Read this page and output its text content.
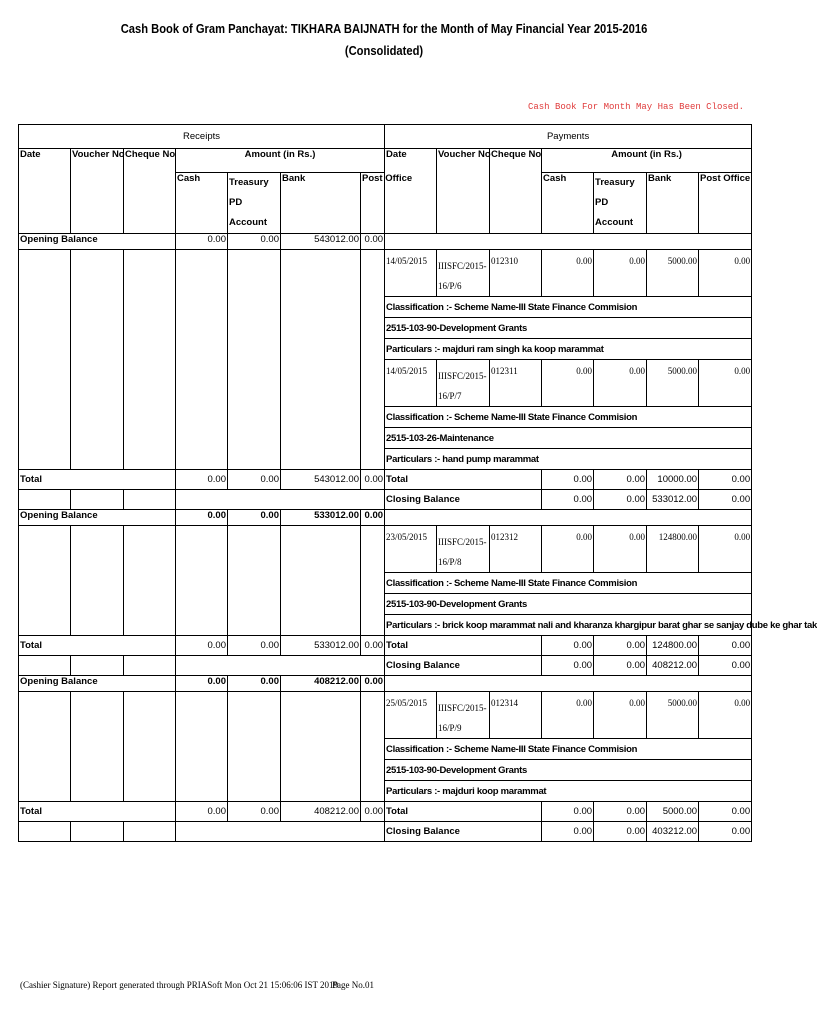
Cash Book of Gram Panchayat: TIKHARA BAIJNATH for the Month of May Financial Year 2015-2016
(Consolidated)
Cash Book For Month May Has Been Closed.
Receipts							Payments						
Date	Voucher No	Cheque No	Amount (in Rs.)				Date	Voucher No	Cheque No	Amount (in Rs.)			
			Cash	Treasury PD Account	Bank	Post Office				Cash	Treasury PD Account	Bank	Post Office
Opening Balance			0.00	0.00	543012.00	0.00							
							14/05/2015	IIISFC/2015-16/P/6	012310	0.00	0.00	5000.00	0.00
							Classification :- Scheme Name-III State Finance Commision						
							2515-103-90-Development Grants						
							Particulars :- majduri ram singh ka koop marammat						
							14/05/2015	IIISFC/2015-16/P/7	012311	0.00	0.00	5000.00	0.00
							Classification :- Scheme Name-III State Finance Commision						
							2515-103-26-Maintenance						
							Particulars :- hand pump marammat						
Total			0.00	0.00	543012.00	0.00	Total			0.00	0.00	10000.00	0.00
							Closing Balance			0.00	0.00	533012.00	0.00
Opening Balance			0.00	0.00	533012.00	0.00							
							23/05/2015	IIISFC/2015-16/P/8	012312	0.00	0.00	124800.00	0.00
							Classification :- Scheme Name-III State Finance Commision						
							2515-103-90-Development Grants						
							Particulars :- brick koop marammat nali and kharanza khargipur barat ghar se sanjay dube ke ghar tak						
Total			0.00	0.00	533012.00	0.00	Total			0.00	0.00	124800.00	0.00
							Closing Balance			0.00	0.00	408212.00	0.00
Opening Balance			0.00	0.00	408212.00	0.00							
							25/05/2015	IIISFC/2015-16/P/9	012314	0.00	0.00	5000.00	0.00
							Classification :- Scheme Name-III State Finance Commision						
							2515-103-90-Development Grants						
							Particulars :- majduri koop marammat						
Total			0.00	0.00	408212.00	0.00	Total			0.00	0.00	5000.00	0.00
							Closing Balance			0.00	0.00	403212.00	0.00
(Cashier Signature) Report generated through PRIASoft Mon Oct 21 15:06:06 IST 2019
Page No.01
